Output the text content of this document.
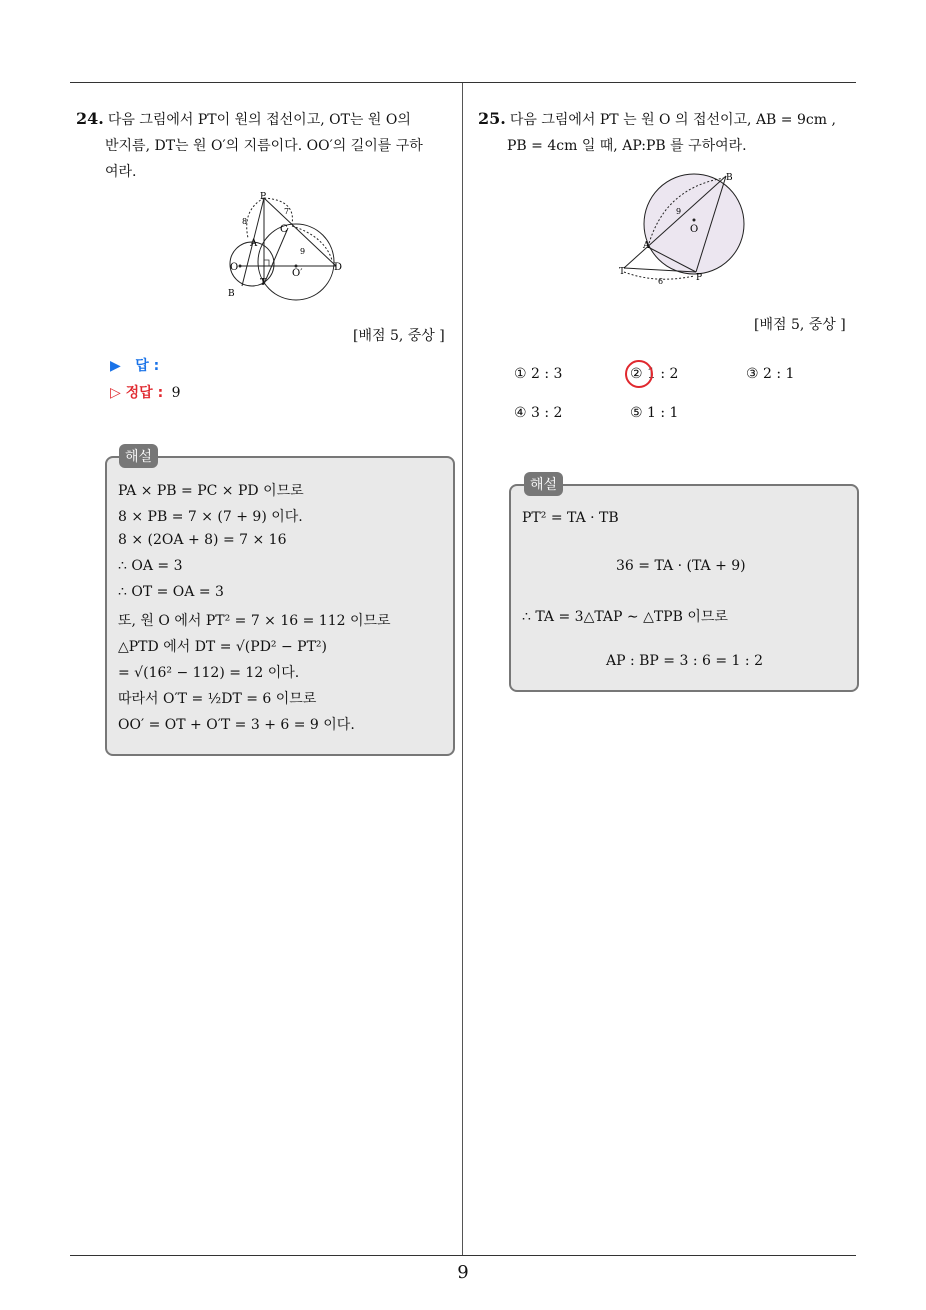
9
24. 다음 그림에서 PT이 원의 접선이고, OT는 원 O의
반지름, DT는 원 O′의 지름이다. OO′의 길이를 구하
여라.
P
A
C
O
O′
D
T
B
8
7
9
[배점 5, 중상 ]
▶ 답 :
▷ 정답 : 9
해설
PA × PB = PC × PD 이므로
8 × PB = 7 × (7 + 9) 이다.
8 × (2OA + 8) = 7 × 16
∴ OA = 3
∴ OT = OA = 3
또, 원 O 에서 PT² = 7 × 16 = 112 이므로
△PTD 에서 DT = √(PD² − PT²)
= √(16² − 112) = 12 이다.
따라서 O′T = ½DT = 6 이므로
OO′ = OT + O′T = 3 + 6 = 9 이다.
25. 다음 그림에서 PT 는 원 O 의 접선이고, AB = 9cm ,
PB = 4cm 일 때, AP:PB 를 구하여라.
B
O
A
T
P
9
6
[배점 5, 중상 ]
① 2 : 3	② 1 : 2	③ 2 : 1
④ 3 : 2	⑤ 1 : 1
해설
PT² = TA · TB
36 = TA · (TA + 9)
∴ TA = 3△TAP ∼ △TPB 이므로
AP : BP = 3 : 6 = 1 : 2
